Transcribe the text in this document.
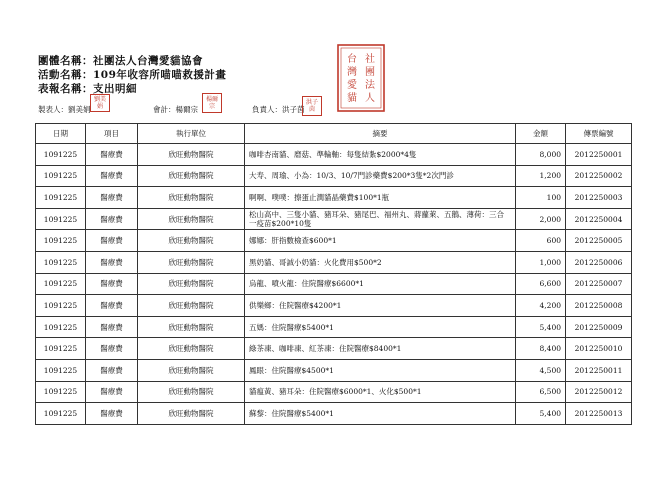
團體名稱：社團法人台灣愛貓協會
活動名稱：109年收容所喵喵救援計畫
表報名稱：支出明細
社
團
法
人
台
灣
愛
貓
製表人：劉美娟	會計：楊爾宗	負責人：洪子茵
劉美娟
楊爾宗
洪子茵
日期	項目	執行單位	摘要	金額	傳票編號
1091225	醫療費	欣旺動物醫院	咖啡杏南貓、磨菇、準輪軸：每隻結紮$2000*4隻	8,000	2012250001
1091225	醫療費	欣旺動物醫院	大寿、周瑜、小為：10/3、10/7門診藥費$200*3隻*2次門診	1,200	2012250002
1091225	醫療費	欣旺動物醫院	啊啊、噗噗：擦蛋止潤貓晶藥費$100*1瓶	100	2012250003
1091225	醫療費	欣旺動物醫院	松山高中、三隻小貓、豬耳朵、豬尾巴、福州丸、蔣蘿萊、五鵝、薄荷：三合一疫苗$200*10隻	2,000	2012250004
1091225	醫療費	欣旺動物醫院	娜娜：肝指數檢查$600*1	600	2012250005
1091225	醫療費	欣旺動物醫院	黑奶貓、哥誠小奶貓：火化費用$500*2	1,000	2012250006
1091225	醫療費	欣旺動物醫院	烏龍、噴火龍：住院醫療$6600*1	6,600	2012250007
1091225	醫療費	欣旺動物醫院	供樂鄉：住院醫療$4200*1	4,200	2012250008
1091225	醫療費	欣旺動物醫院	五媽：住院醫療$5400*1	5,400	2012250009
1091225	醫療費	欣旺動物醫院	綠茶凍、咖啡凍、紅茶凍：住院醫療$8400*1	8,400	2012250010
1091225	醫療費	欣旺動物醫院	鳳眼：住院醫療$4500*1	4,500	2012250011
1091225	醫療費	欣旺動物醫院	貓瘟黃、豬耳朵：住院醫療$6000*1、火化$500*1	6,500	2012250012
1091225	醫療費	欣旺動物醫院	蘇黎：住院醫療$5400*1	5,400	2012250013
